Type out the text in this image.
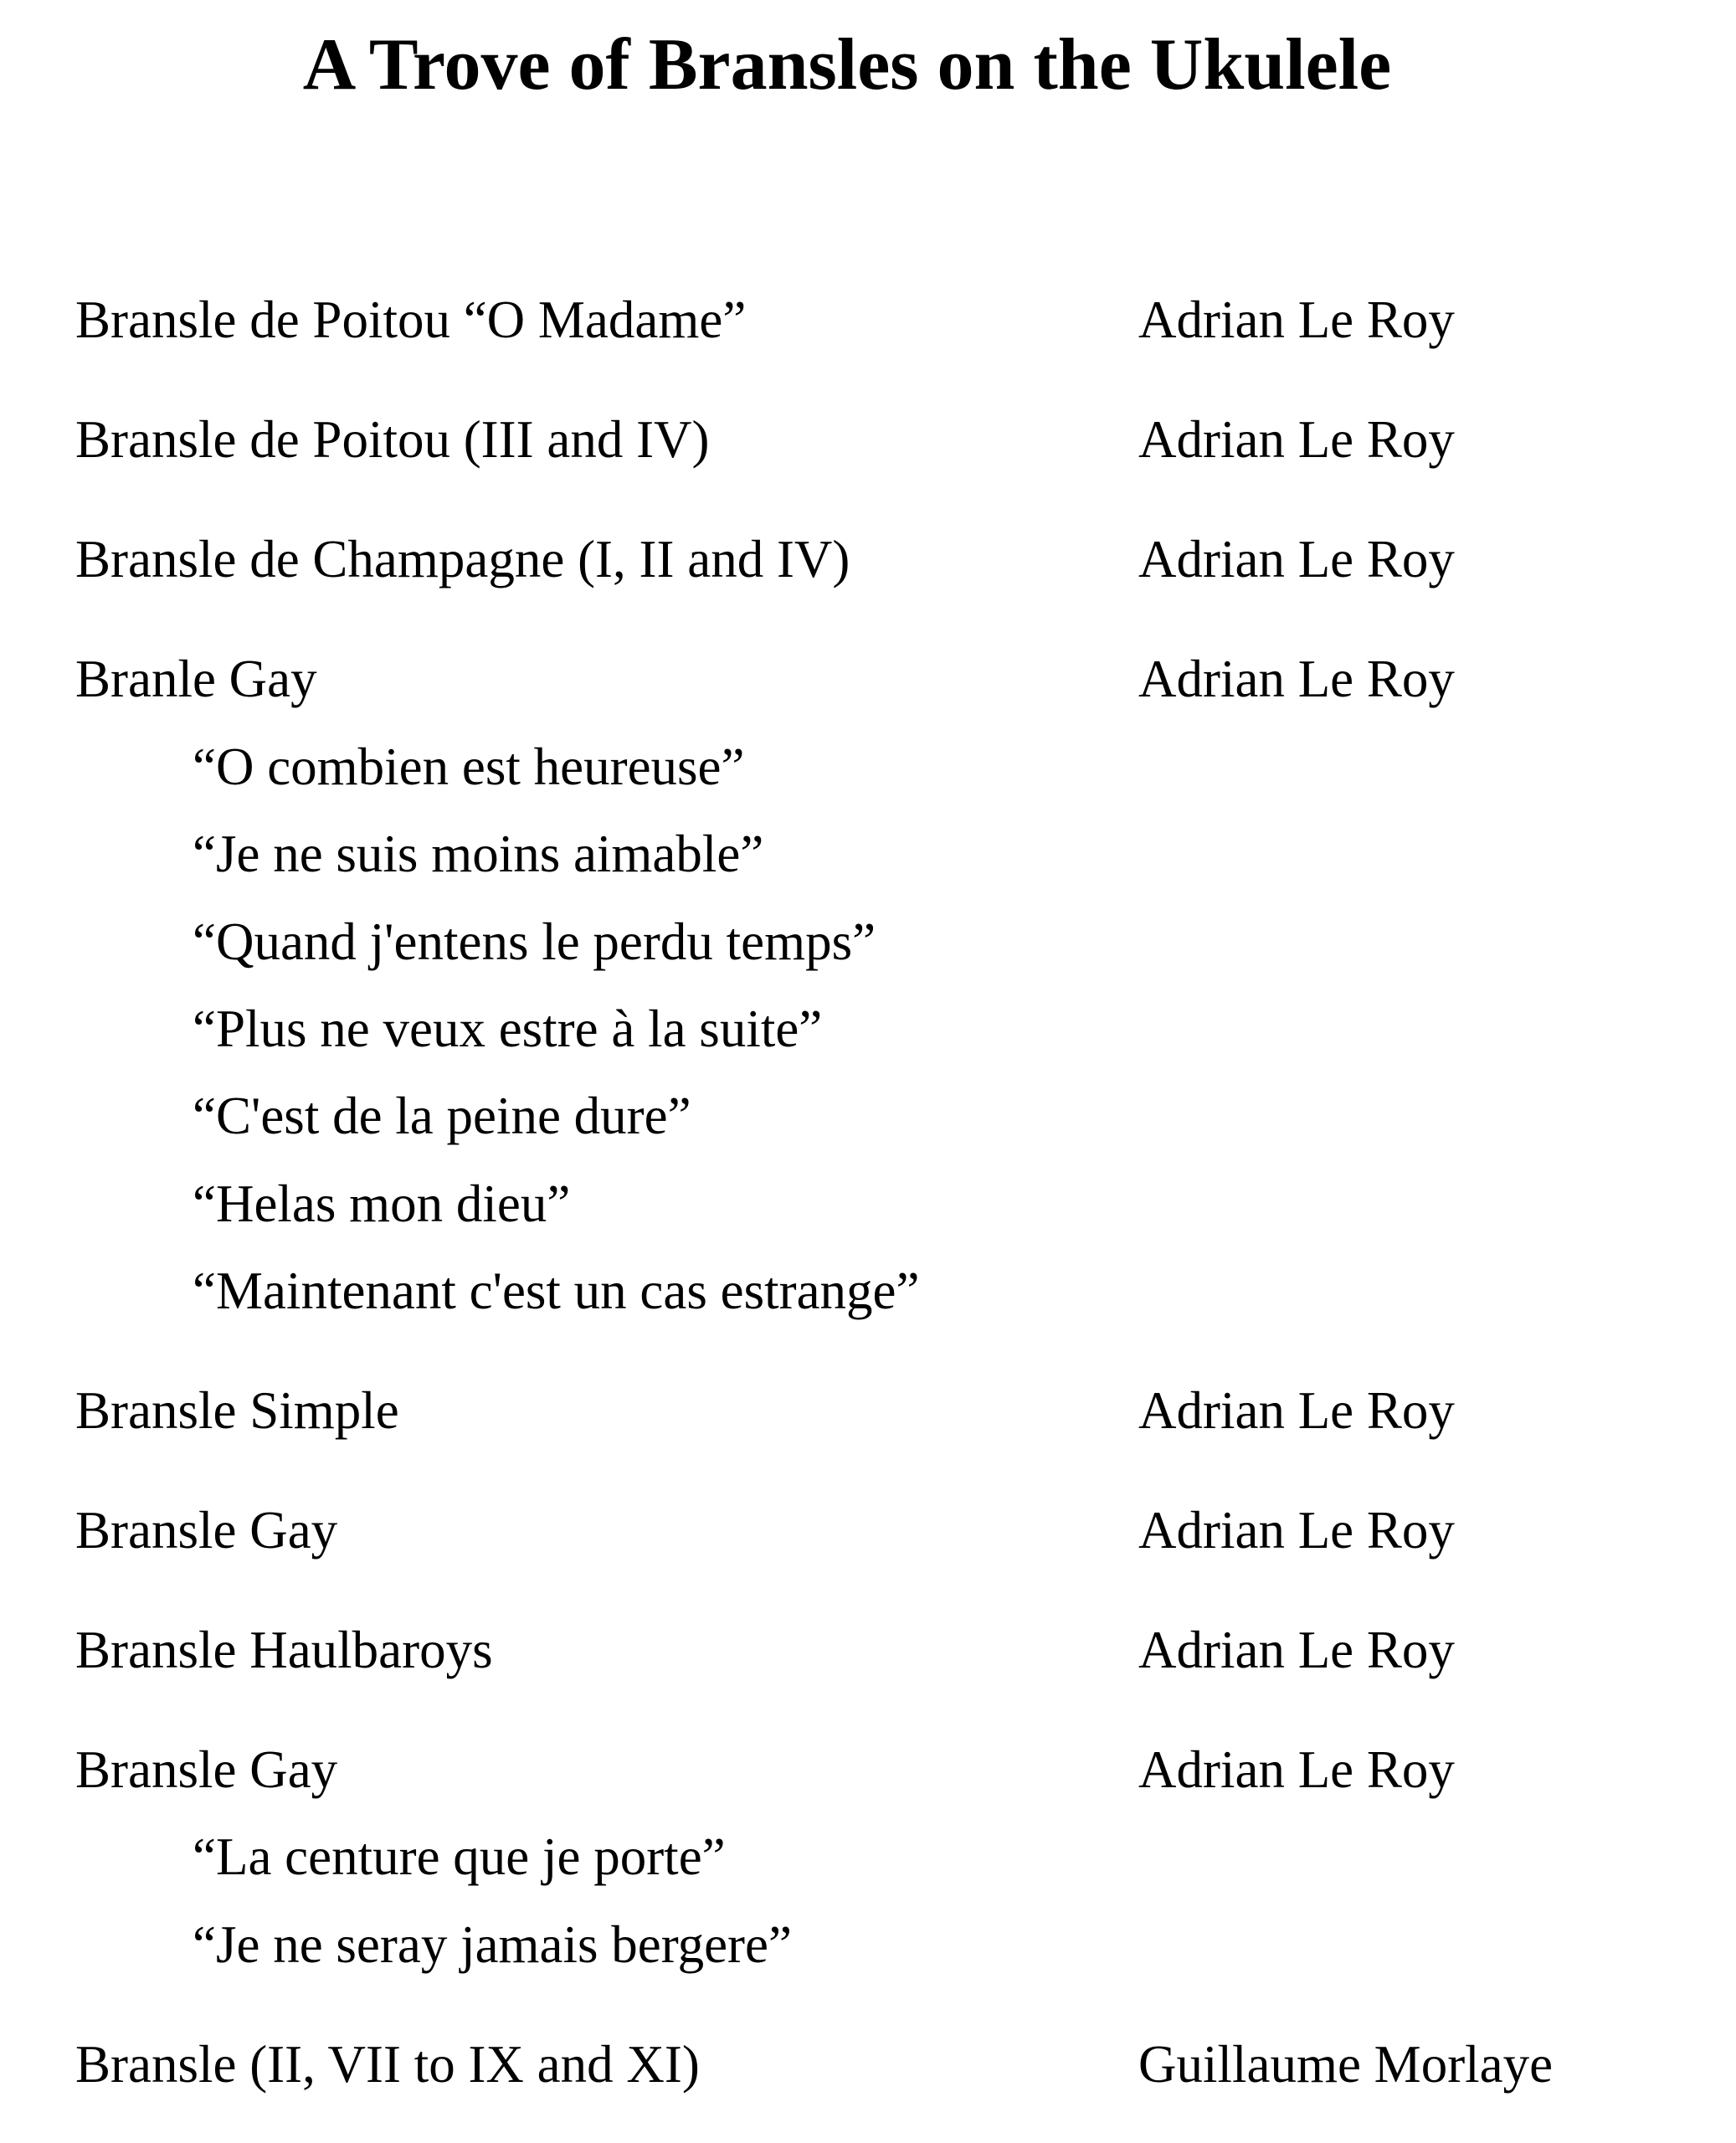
A Trove of Bransles on the Ukulele
Bransle de Poitou “O Madame”	Adrian Le Roy
Bransle de Poitou (III and IV)	Adrian Le Roy
Bransle de Champagne (I, II and IV)	Adrian Le Roy
Branle Gay	Adrian Le Roy
“O combien est heureuse”
“Je ne suis moins aimable”
“Quand j'entens le perdu temps”
“Plus ne veux estre à la suite”
“C'est de la peine dure”
“Helas mon dieu”
“Maintenant c'est un cas estrange”
Bransle Simple	Adrian Le Roy
Bransle Gay	Adrian Le Roy
Bransle Haulbaroys	Adrian Le Roy
Bransle Gay	Adrian Le Roy
“La centure que je porte”
“Je ne seray jamais bergere”
Bransle (II, VII to IX and XI)	Guillaume Morlaye
